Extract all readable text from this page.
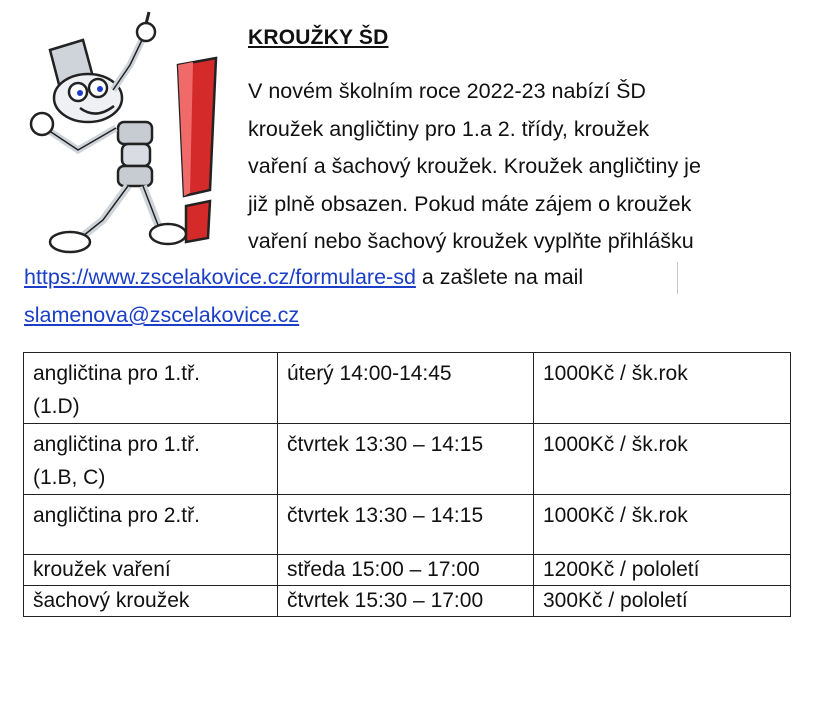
KROUŽKY ŠD

V novém školním roce 2022-23 nabízí ŠD
kroužek angličtiny pro 1.a 2. třídy, kroužek
vaření a šachový kroužek. Kroužek angličtiny je
již plně obsazen. Pokud máte zájem o kroužek
vaření nebo šachový kroužek vyplňte přihlášku

https://www.zscelakovice.cz/formulare-sd a zašlete na mail
slamenova@zscelakovice.cz
angličtina pro 1.tř.
(1.D)	úterý 14:00-14:45	1000Kč / šk.rok
angličtina pro 1.tř.
(1.B, C)	čtvrtek 13:30 – 14:15	1000Kč / šk.rok
angličtina pro 2.tř.	čtvrtek 13:30 – 14:15	1000Kč / šk.rok
kroužek vaření	středa 15:00 – 17:00	1200Kč / pololetí
šachový kroužek	čtvrtek 15:30 – 17:00	300Kč / pololetí
